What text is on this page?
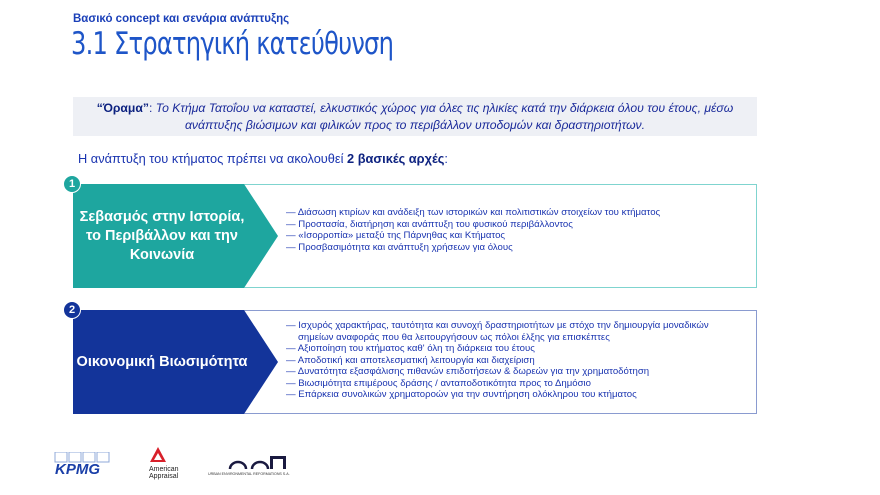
Βασικό concept και σενάρια ανάπτυξης
3.1 Στρατηγική κατεύθυνση
“Όραμα”: Το Κτήμα Τατοΐου να καταστεί, ελκυστικός χώρος για όλες τις ηλικίες κατά την διάρκεια όλου του έτους, μέσω
ανάπτυξης βιώσιμων και φιλικών προς το περιβάλλον υποδομών και δραστηριοτήτων.
Η ανάπτυξη του κτήματος πρέπει να ακολουθεί 2 βασικές αρχές:
Σεβασμός στην Ιστορία,
το Περιβάλλον και την
Κοινωνία
— Διάσωση κτιρίων και ανάδειξη των ιστορικών και πολιτιστικών στοιχείων του κτήματος
— Προστασία, διατήρηση και ανάπτυξη του φυσικού περιβάλλοντος
— «Ισορροπία» μεταξύ της Πάρνηθας και Κτήματος
— Προσβασιμότητα και ανάπτυξη χρήσεων για όλους
1
Οικονομική Βιωσιμότητα
— Ισχυρός χαρακτήρας, ταυτότητα και συνοχή δραστηριοτήτων με στόχο την δημιουργία μοναδικών σημείων αναφοράς που θα λειτουργήσουν ως πόλοι έλξης για επισκέπτες
— Αξιοποίηση του κτήματος καθ' όλη τη διάρκεια του έτους
— Αποδοτική και αποτελεσματική λειτουργία και διαχείριση
— Δυνατότητα εξασφάλισης πιθανών επιδοτήσεων & δωρεών για την χρηματοδότηση
— Βιωσιμότητα επιμέρους δράσης / ανταποδοτικότητα προς το Δημόσιο
— Επάρκεια συνολικών χρηματοροών για την συντήρηση ολόκληρου του κτήματος
2
KPMG	American
Appraisal	URBAN ENVIRONMENTAL REFORMATIONS S.A.
